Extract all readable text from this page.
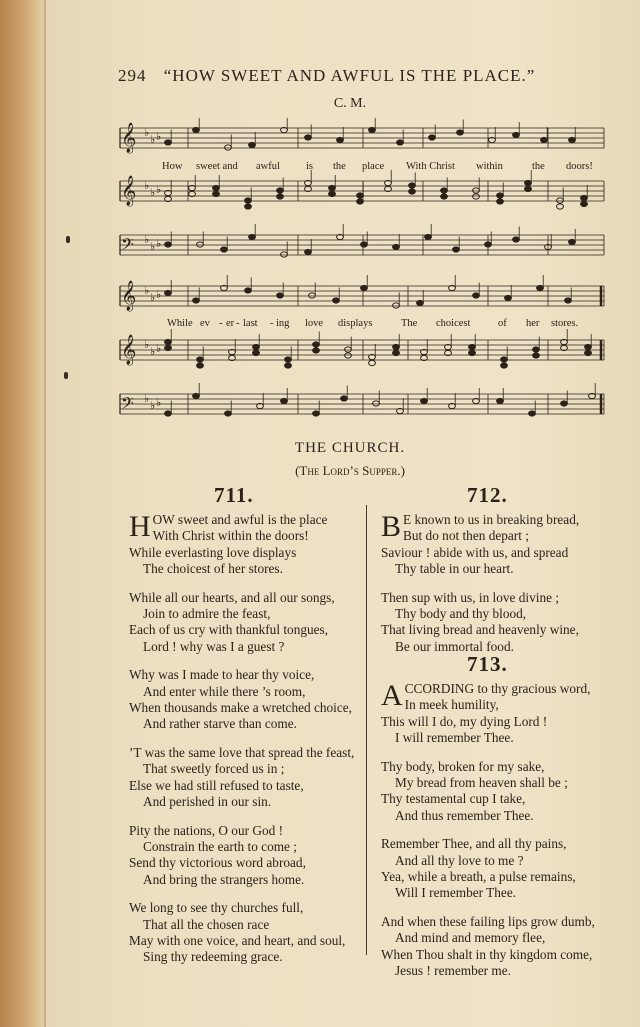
294 “HOW SWEET AND AWFUL IS THE PLACE.”
C. M.
𝄞 ♭
♭ ♭
𝄞 ♭
♭ ♭
𝄢 ♭
♭ ♭
𝄞 ♭
♭ ♭
𝄞 ♭
♭ ♭
𝄢 ♭
♭ ♭
How sweet and awful is the place With Christ within	the doors!
While ev - er - last - ing love displays	The choicest	of her stores.
THE CHURCH.
(The Lord’s Supper.)
711.	712.
713.
HOW sweet and awful is the place
With Christ within the doors!
While everlasting love displays
The choicest of her stores.
While all our hearts, and all our songs,
Join to admire the feast,
Each of us cry with thankful tongues,
Lord ! why was I a guest ?
Why was I made to hear thy voice,
And enter while there ’s room,
When thousands make a wretched choice,
And rather starve than come.
’T was the same love that spread the feast,
That sweetly forced us in ;
Else we had still refused to taste,
And perished in our sin.
Pity the nations, O our God !
Constrain the earth to come ;
Send thy victorious word abroad,
And bring the strangers home.
We long to see thy churches full,
That all the chosen race
May with one voice, and heart, and soul,
Sing thy redeeming grace.
B E known to us in breaking bread,
But do not then depart ;
Saviour ! abide with us, and spread
Thy table in our heart.
Then sup with us, in love divine ;
Thy body and thy blood,
That living bread and heavenly wine,
Be our immortal food.
ACCORDING to thy gracious word,
In meek humility,
This will I do, my dying Lord !
I will remember Thee.
Thy body, broken for my sake,
My bread from heaven shall be ;
Thy testamental cup I take,
And thus remember Thee.
Remember Thee, and all thy pains,
And all thy love to me ?
Yea, while a breath, a pulse remains,
Will I remember Thee.
And when these failing lips grow dumb,
And mind and memory flee,
When Thou shalt in thy kingdom come,
Jesus ! remember me.
